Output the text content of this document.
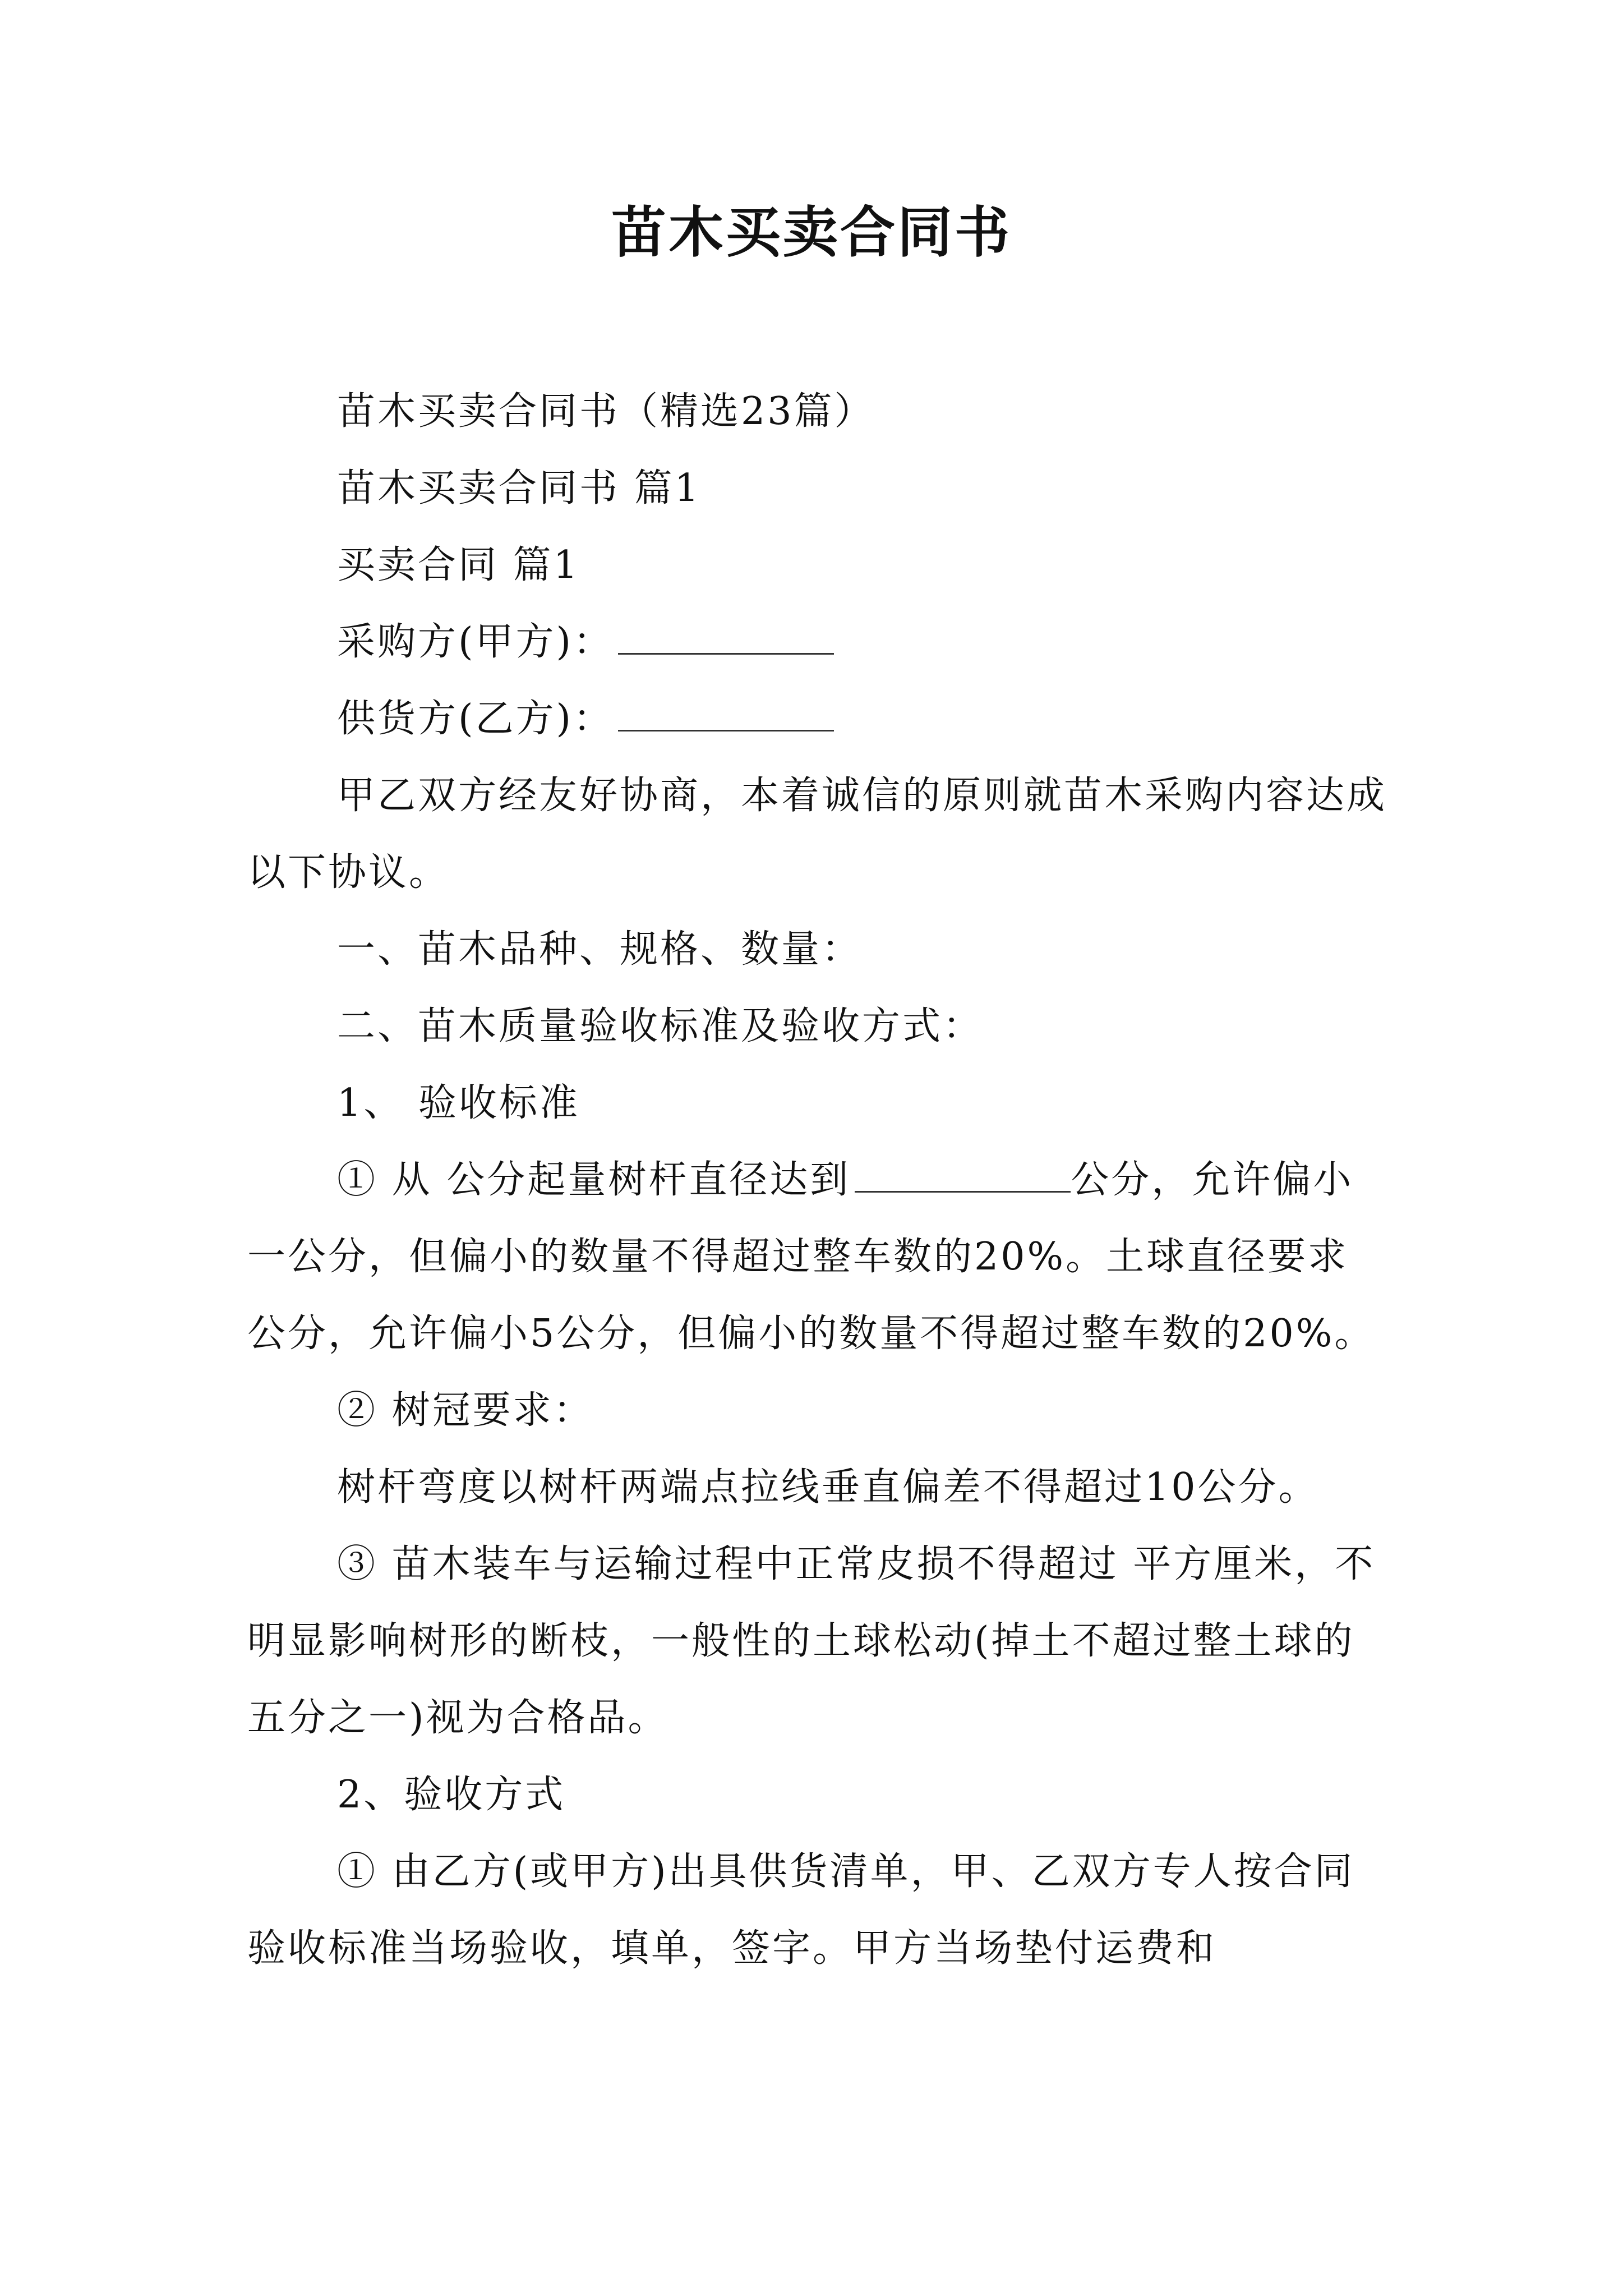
苗木买卖合同书

苗木买卖合同书（精选23篇）

苗木买卖合同书 篇1

买卖合同 篇1

采购方(甲方)：

供货方(乙方)：

甲乙双方经友好协商，本着诚信的原则就苗木采购内容达成以下协议。

一、苗木品种、规格、数量：

二、苗木质量验收标准及验收方式：

1、 验收标准

① 从 公分起量树杆直径达到	公分，允许偏小一公分，但偏小的数量不得超过整车数的20%。土球直径要求 公分，允许偏小5公分，但偏小的数量不得超过整车数的20%。

② 树冠要求：

树杆弯度以树杆两端点拉线垂直偏差不得超过10公分。

③ 苗木装车与运输过程中正常皮损不得超过 平方厘米，不明显影响树形的断枝，一般性的土球松动(掉土不超过整土球的五分之一)视为合格品。

2、验收方式

① 由乙方(或甲方)出具供货清单，甲、乙双方专人按合同验收标准当场验收，填单，签字。甲方当场垫付运费和
